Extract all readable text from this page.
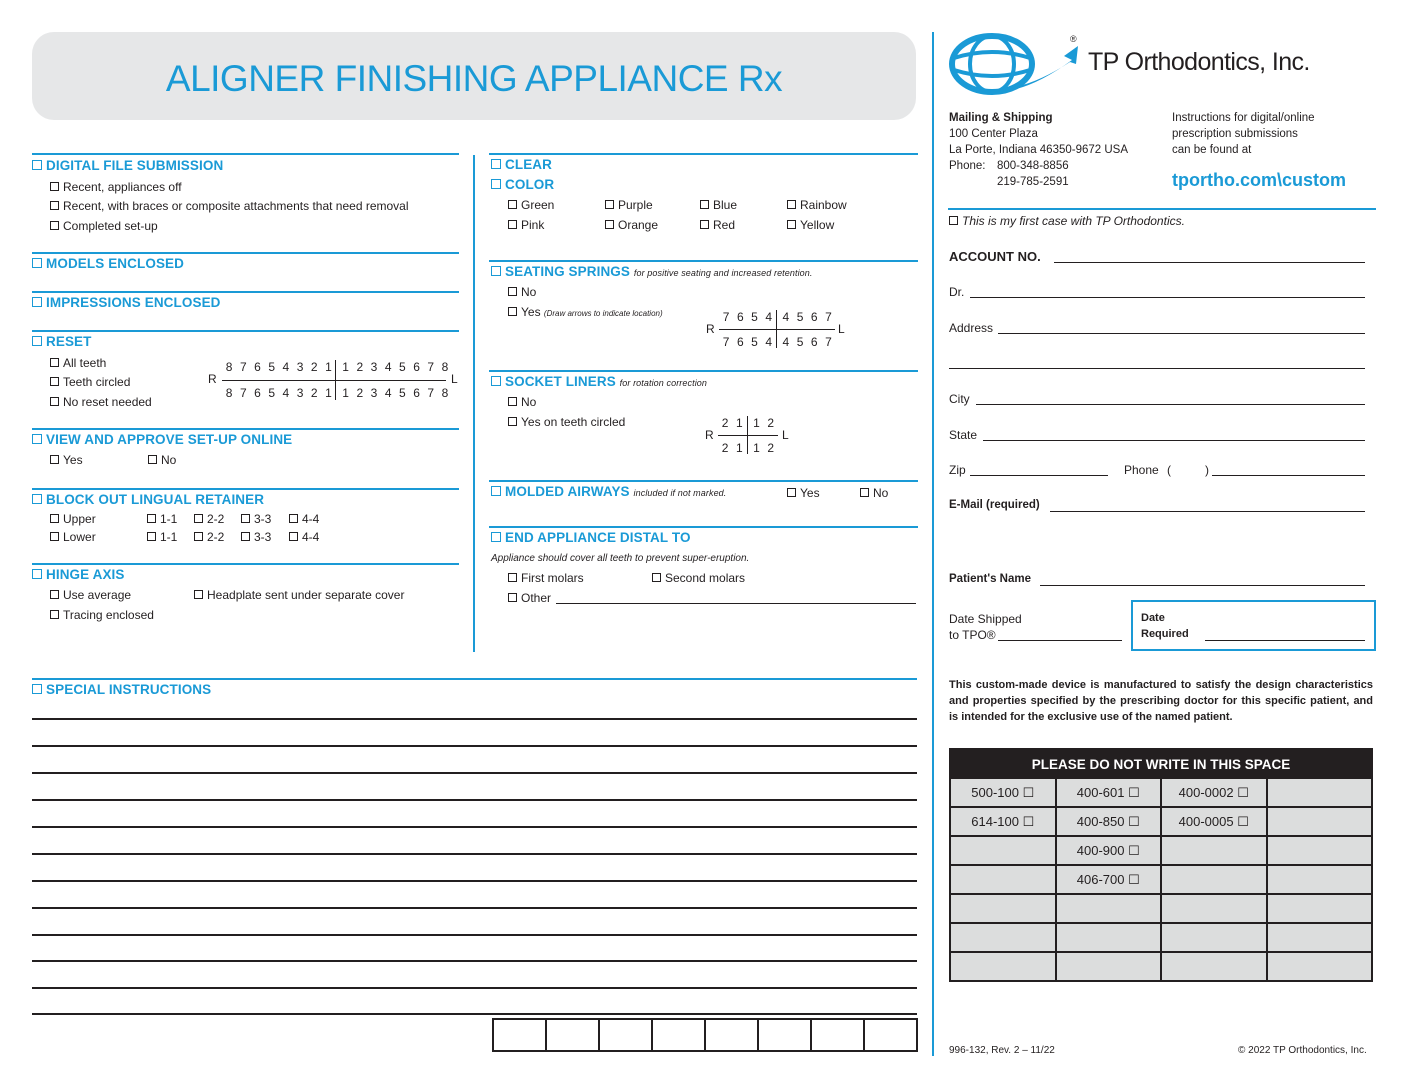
ALIGNER FINISHING APPLIANCE Rx
DIGITAL FILE SUBMISSION
Recent, appliances off
Recent, with braces or composite attachments that need removal
Completed set-up
MODELS ENCLOSED
IMPRESSIONS ENCLOSED
RESET
All teeth
Teeth circled
No reset needed
R	L
8 7 6 5 4 3 2 1 1 2 3 4 5 6 7 8
8 7 6 5 4 3 2 1 1 2 3 4 5 6 7 8
VIEW AND APPROVE SET-UP ONLINE
Yes	No
BLOCK OUT LINGUAL RETAINER
Upper
Lower
1-1	2-2	3-3	4-4
1-1	2-2	3-3	4-4
HINGE AXIS
Use average
Tracing enclosed
Headplate sent under separate cover
CLEAR
COLOR
Green	Purple	Blue	Rainbow
Pink	Orange	Red	Yellow
SEATING SPRINGS for positive seating and increased retention.
No
Yes (Draw arrows to indicate location)
R	L
7 6 5 4 4 5 6 7
7 6 5 4 4 5 6 7
SOCKET LINERS for rotation correction
No
Yes on teeth circled
R	L
2 1 1 2
2 1 1 2
MOLDED AIRWAYS included if not marked.	Yes	No
END APPLIANCE DISTAL TO
Appliance should cover all teeth to prevent super-eruption.
First molars	Second molars
Other
SPECIAL INSTRUCTIONS
®
TP Orthodontics, Inc.
Mailing & Shipping
100 Center Plaza
La Porte, Indiana 46350-9672 USA
Phone: 800-348-8856
219-785-2591
Instructions for digital/online
prescription submissions
can be found at
tportho.com\custom
This is my first case with TP Orthodontics.
ACCOUNT NO.
Dr.
Address
City
State
Zip	Phone (	)
E-Mail (required)
Patient's Name
Date Shipped
to TPO®
Date
Required
This custom-made device is manufactured to satisfy the design characteristics and properties specified by the prescribing doctor for this specific patient, and is intended for the exclusive use of the named patient.
PLEASE DO NOT WRITE IN THIS SPACE
500-100 ☐	400-601 ☐	400-0002 ☐	
614-100 ☐	400-850 ☐	400-0005 ☐	
	400-900 ☐		
	406-700 ☐		

996-132, Rev. 2 – 11/22	© 2022 TP Orthodontics, Inc.
